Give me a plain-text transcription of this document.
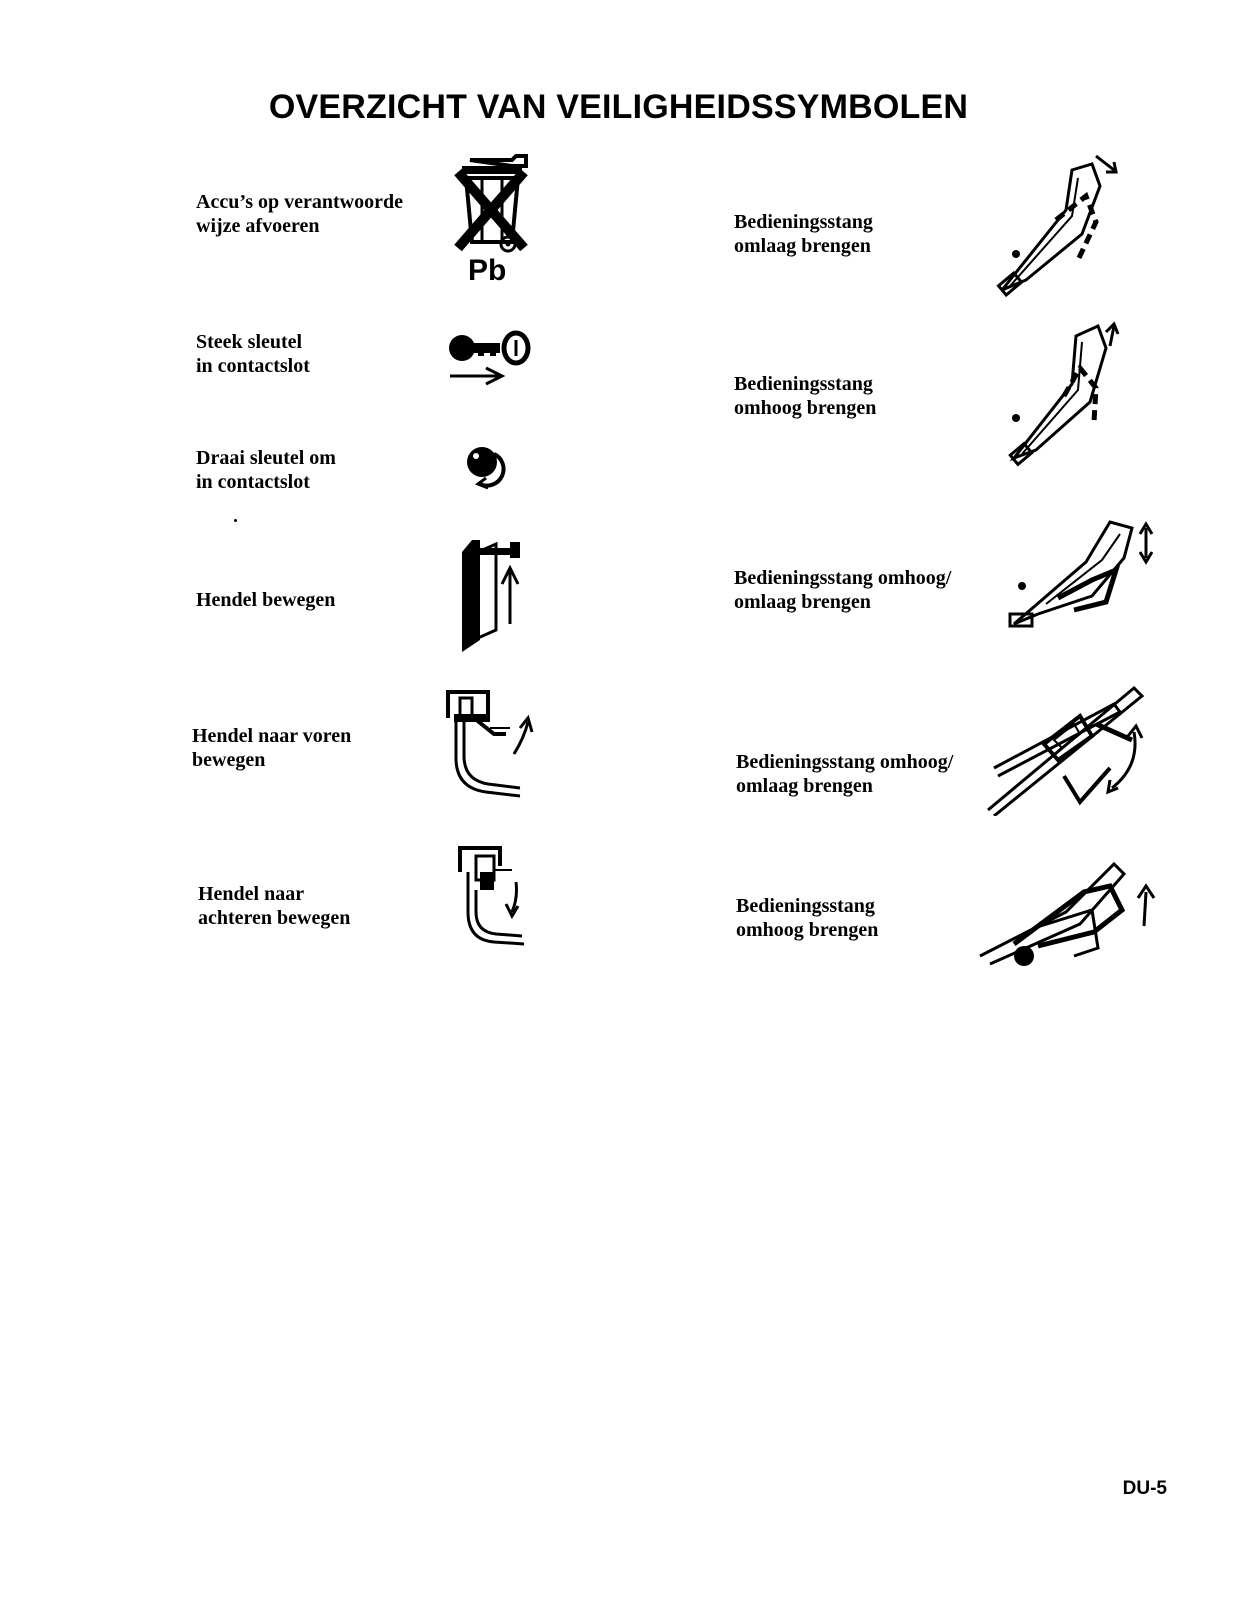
OVERZICHT VAN VEILIGHEIDSSYMBOLEN
Accu’s op verantwoorde
wijze afvoeren
Pb
Steek sleutel
in contactslot
Draai sleutel om
in contactslot
Hendel bewegen
Hendel naar voren
bewegen
Hendel naar
achteren bewegen
Bedieningsstang
omlaag brengen
Bedieningsstang
omhoog brengen
Bedieningsstang omhoog/
omlaag brengen
Bedieningsstang omhoog/
omlaag brengen
Bedieningsstang
omhoog brengen
DU-5
